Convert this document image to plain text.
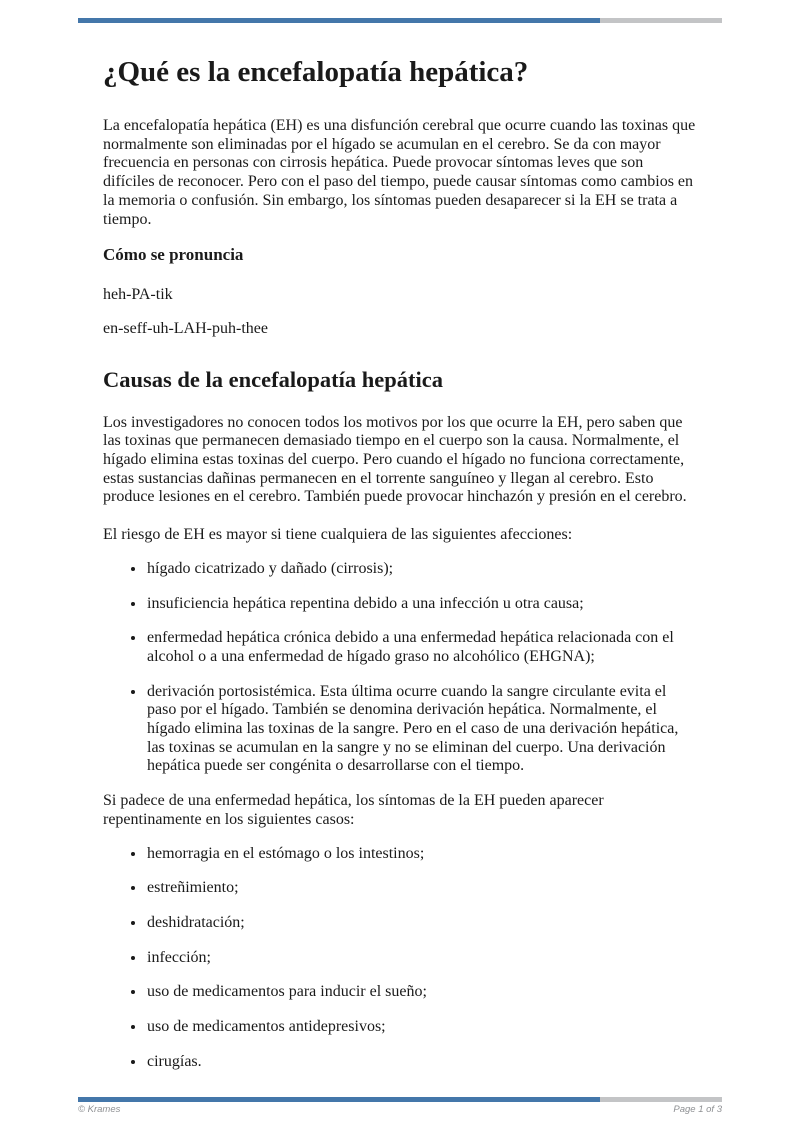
¿Qué es la encefalopatía hepática?

La encefalopatía hepática (EH) es una disfunción cerebral que ocurre cuando las toxinas que normalmente son eliminadas por el hígado se acumulan en el cerebro. Se da con mayor frecuencia en personas con cirrosis hepática. Puede provocar síntomas leves que son difíciles de reconocer. Pero con el paso del tiempo, puede causar síntomas como cambios en la memoria o confusión. Sin embargo, los síntomas pueden desaparecer si la EH se trata a tiempo.

Cómo se pronuncia

heh-PA-tik

en-seff-uh-LAH-puh-thee

Causas de la encefalopatía hepática

Los investigadores no conocen todos los motivos por los que ocurre la EH, pero saben que las toxinas que permanecen demasiado tiempo en el cuerpo son la causa. Normalmente, el hígado elimina estas toxinas del cuerpo. Pero cuando el hígado no funciona correctamente, estas sustancias dañinas permanecen en el torrente sanguíneo y llegan al cerebro. Esto produce lesiones en el cerebro. También puede provocar hinchazón y presión en el cerebro.

El riesgo de EH es mayor si tiene cualquiera de las siguientes afecciones:

• hígado cicatrizado y dañado (cirrosis);
• insuficiencia hepática repentina debido a una infección u otra causa;
• enfermedad hepática crónica debido a una enfermedad hepática relacionada con el alcohol o a una enfermedad de hígado graso no alcohólico (EHGNA);
• derivación portosistémica. Esta última ocurre cuando la sangre circulante evita el paso por el hígado. También se denomina derivación hepática. Normalmente, el hígado elimina las toxinas de la sangre. Pero en el caso de una derivación hepática, las toxinas se acumulan en la sangre y no se eliminan del cuerpo. Una derivación hepática puede ser congénita o desarrollarse con el tiempo.

Si padece de una enfermedad hepática, los síntomas de la EH pueden aparecer repentinamente en los siguientes casos:

• hemorragia en el estómago o los intestinos;
• estreñimiento;
• deshidratación;
• infección;
• uso de medicamentos para inducir el sueño;
• uso de medicamentos antidepresivos;
• cirugías.
© Krames	Page 1 of 3
